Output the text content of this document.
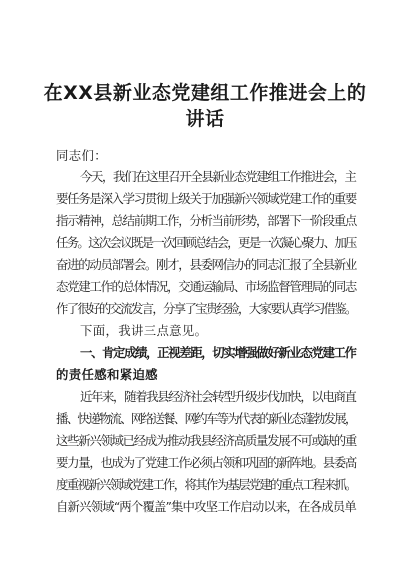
在XX县新业态党建组工作推进会上的
讲话
同志们：
今天，我们在这里召开全县新业态党建组工作推进会，主
要任务是深入学习贯彻上级关于加强新兴领域党建工作的重要
指示精神，总结前期工作，分析当前形势，部署下一阶段重点
任务。这次会议既是一次回顾总结会，更是一次凝心聚力、加压
奋进的动员部署会。刚才，县委网信办的同志汇报了全县新业
态党建工作的总体情况，交通运输局、市场监督管理局的同志
作了很好的交流发言，分享了宝贵经验，大家要认真学习借鉴。
下面，我讲三点意见。
一、肯定成绩，正视差距，切实增强做好新业态党建工作
的责任感和紧迫感
近年来，随着我县经济社会转型升级步伐加快，以电商直
播、快递物流、网络送餐、网约车等为代表的新业态蓬勃发展，
这些新兴领域已经成为推动我县经济高质量发展不可或缺的重
要力量，也成为了党建工作必须占领和巩固的新阵地。县委高
度重视新兴领域党建工作，将其作为基层党建的重点工程来抓。
自新兴领域“两个覆盖”集中攻坚工作启动以来，在各成员单
